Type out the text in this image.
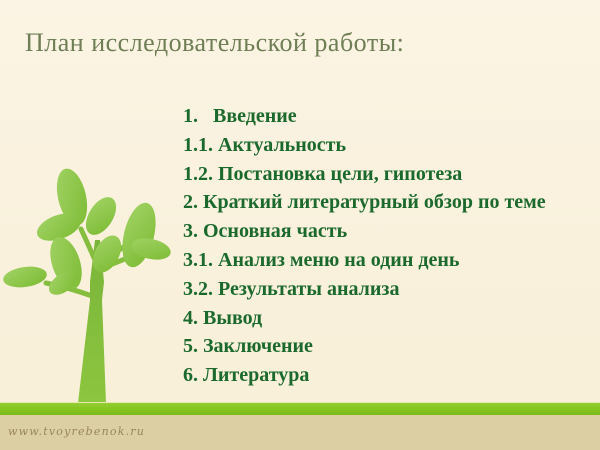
План исследовательской работы:
1.   Введение
1.1. Актуальность
1.2. Постановка цели, гипотеза
2. Краткий литературный обзор по теме
3. Основная часть
3.1. Анализ меню на один день
3.2. Результаты анализа
4. Вывод
5. Заключение
6. Литература
www.tvoyrebenok.ru
